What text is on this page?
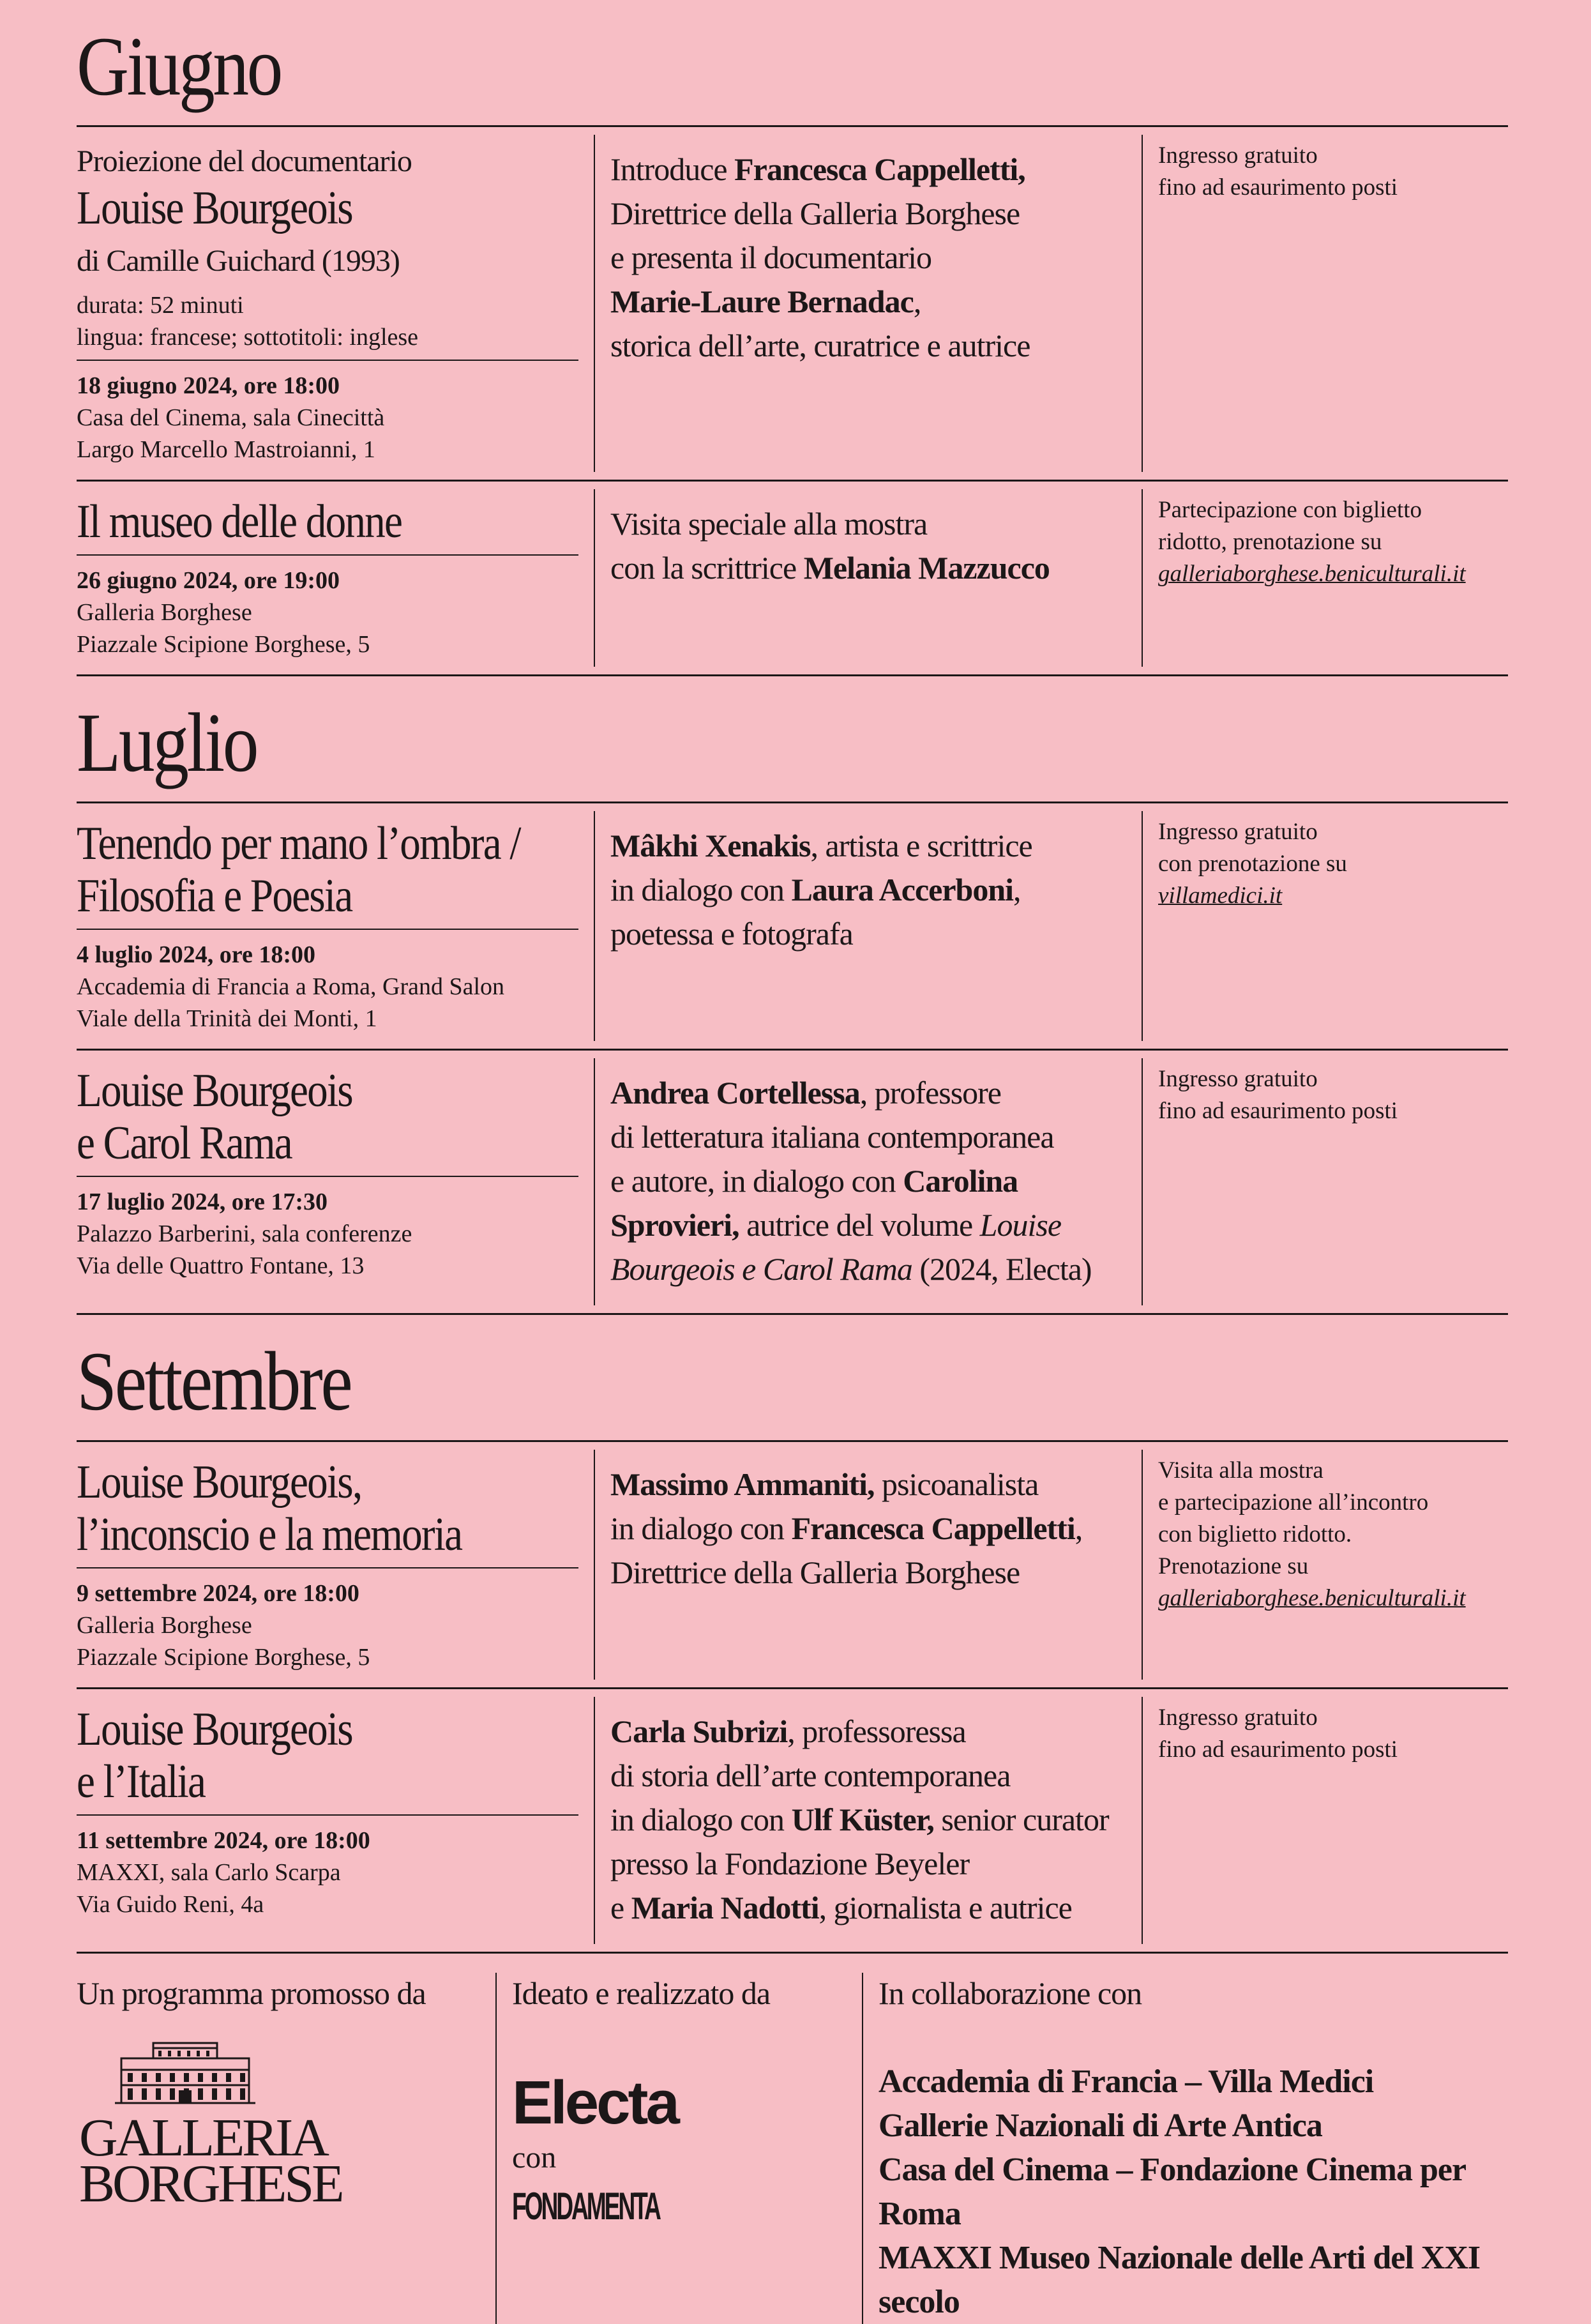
Giugno
Proiezione del documentario
Louise Bourgeois
di Camille Guichard (1993)
durata: 52 minuti
lingua: francese; sottotitoli: inglese
18 giugno 2024, ore 18:00
Casa del Cinema, sala Cinecittà
Largo Marcello Mastroianni, 1
Introduce Francesca Cappelletti,
Direttrice della Galleria Borghese
e presenta il documentario
Marie-Laure Bernadac,
storica dell’arte, curatrice e autrice
Ingresso gratuito
fino ad esaurimento posti
Il museo delle donne
26 giugno 2024, ore 19:00
Galleria Borghese
Piazzale Scipione Borghese, 5
Visita speciale alla mostra
con la scrittrice Melania Mazzucco
Partecipazione con biglietto
ridotto, prenotazione su
galleriaborghese.beniculturali.it
Luglio
Tenendo per mano l’ombra /
Filosofia e Poesia
4 luglio 2024, ore 18:00
Accademia di Francia a Roma, Grand Salon
Viale della Trinità dei Monti, 1
Mâkhi Xenakis, artista e scrittrice
in dialogo con Laura Accerboni,
poetessa e fotografa
Ingresso gratuito
con prenotazione su
villamedici.it
Louise Bourgeois
e Carol Rama
17 luglio 2024, ore 17:30
Palazzo Barberini, sala conferenze
Via delle Quattro Fontane, 13
Andrea Cortellessa, professore
di letteratura italiana contemporanea
e autore, in dialogo con Carolina
Sprovieri, autrice del volume Louise
Bourgeois e Carol Rama (2024, Electa)
Ingresso gratuito
fino ad esaurimento posti
Settembre
Louise Bourgeois,
l’inconscio e la memoria
9 settembre 2024, ore 18:00
Galleria Borghese
Piazzale Scipione Borghese, 5
Massimo Ammaniti, psicoanalista
in dialogo con Francesca Cappelletti,
Direttrice della Galleria Borghese
Visita alla mostra
e partecipazione all’incontro
con biglietto ridotto.
Prenotazione su
galleriaborghese.beniculturali.it
Louise Bourgeois
e l’Italia
11 settembre 2024, ore 18:00
MAXXI, sala Carlo Scarpa
Via Guido Reni, 4a
Carla Subrizi, professoressa
di storia dell’arte contemporanea
in dialogo con Ulf Küster, senior curator
presso la Fondazione Beyeler
e Maria Nadotti, giornalista e autrice
Ingresso gratuito
fino ad esaurimento posti
Un programma promosso da
GALLERIA
BORGHESE
Ideato e realizzato da
Electa
con
FONDAMENTA
In collaborazione con
Accademia di Francia – Villa Medici
Gallerie Nazionali di Arte Antica
Casa del Cinema – Fondazione Cinema per Roma
MAXXI Museo Nazionale delle Arti del XXI secolo
